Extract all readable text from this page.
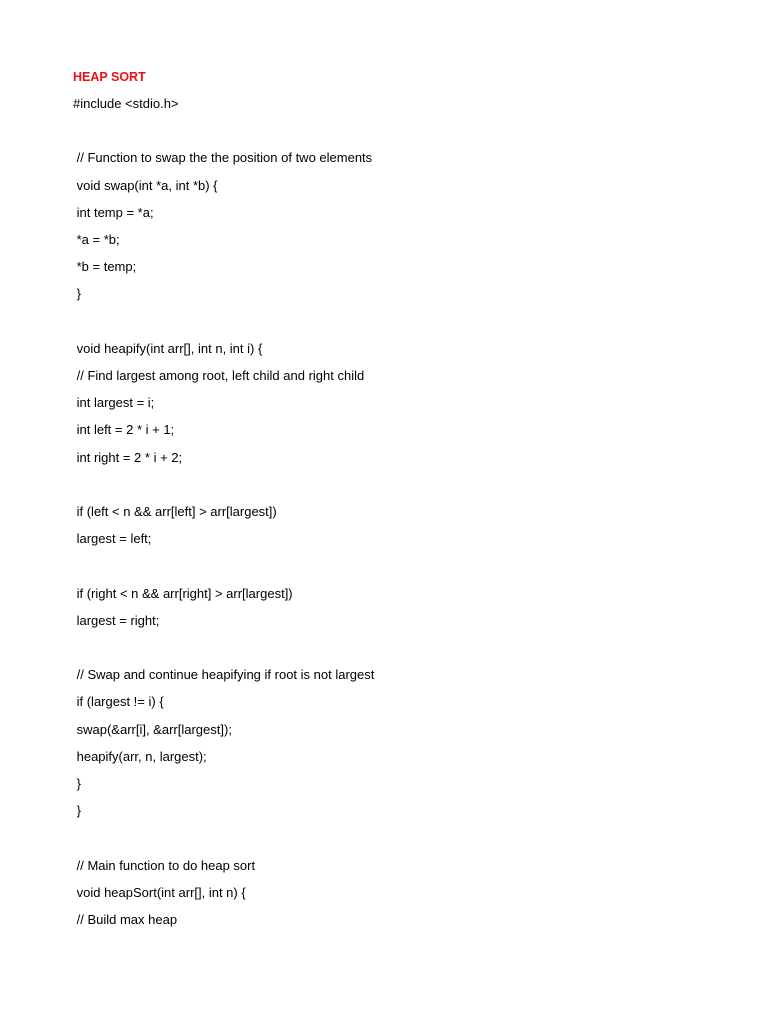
HEAP SORT
#include <stdio.h>
// Function to swap the the position of two elements
void swap(int *a, int *b) {
int temp = *a;
*a = *b;
*b = temp;
}
void heapify(int arr[], int n, int i) {
// Find largest among root, left child and right child
int largest = i;
int left = 2 * i + 1;
int right = 2 * i + 2;
if (left < n && arr[left] > arr[largest])
largest = left;
if (right < n && arr[right] > arr[largest])
largest = right;
// Swap and continue heapifying if root is not largest
if (largest != i) {
swap(&arr[i], &arr[largest]);
heapify(arr, n, largest);
}
}
// Main function to do heap sort
void heapSort(int arr[], int n) {
// Build max heap
